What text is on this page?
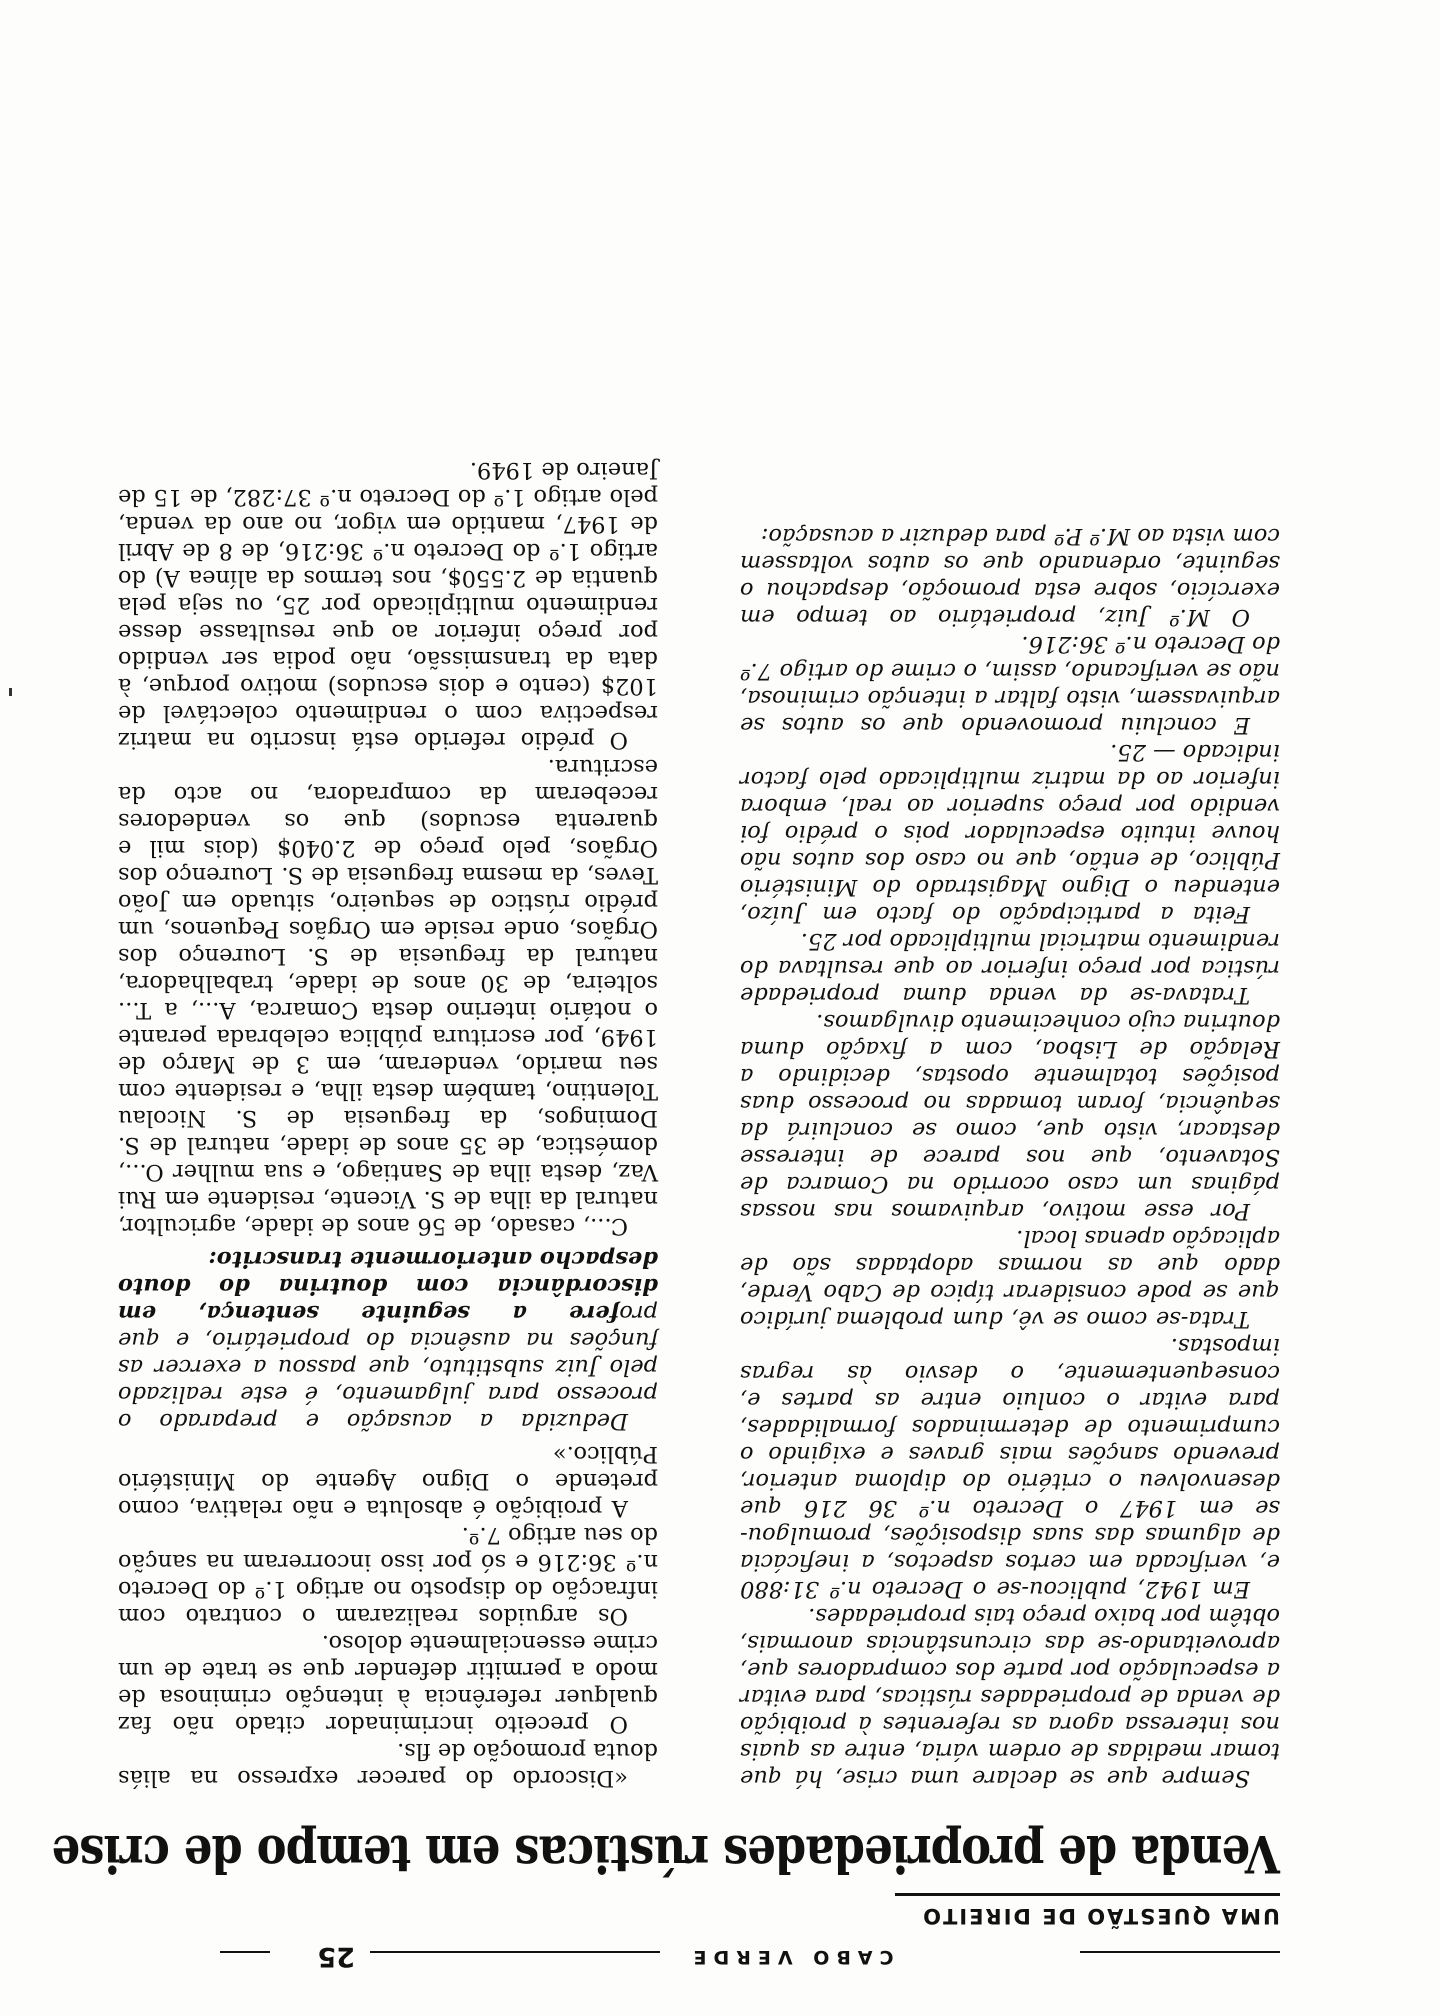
CABO VERDE
25
UMA QUESTÃO DE DIREITO
Venda de propriedades rústicas em tempo de crise

Sempre que se declare uma crise, há que tomar medidas de ordem vária, entre as quais nos interessa agora as referentes à proibição de venda de propriedades rústicas, para evitar a especulação por parte dos compradores que, aproveitando-se das circunstâncias anormais, obtêm por baixo preço tais propriedades.

Em 1942, publicou-se o Decreto n.º 31:880 e, verificada em certos aspectos, a ineficácia de algumas das suas disposições, promulgou-se em 1947 o Decreto n.º 36 216 que desenvolveu o critério do diploma anterior, prevendo sanções mais graves e exigindo o cumprimento de determinados formalidades, para evitar o conluio entre as partes e, consequentemente, o desvio às regras impostas.

Trata-se como se vê, dum problema jurídico que se pode considerar típico de Cabo Verde, dado que as normas adoptadas são de aplicação apenas local.

Por esse motivo, arquivamos nas nossas páginas um caso ocorrido na Comarca de Sotavento, que nos parece de interesse destacar, visto que, como se concluirá da sequência, foram tomadas no processo duas posições totalmente opostas, decidindo a Relação de Lisboa, com a fixação duma doutrina cujo conhecimento divulgamos.

Tratava-se da venda duma propriedade rústica por preço inferior ao que resultava do rendimento matricial multiplicado por 25.

Feita a participação do facto em Juízo, entendeu o Digno Magistrado do Ministério Público, de então, que no caso dos autos não houve intuito especulador pois o prédio foi vendido por preço superior ao real, embora inferior ao da matriz multiplicado pelo factor indicado — 25.

E concluiu promovendo que os autos se arquivassem, visto faltar a intenção criminosa, não se verificando, assim, o crime do artigo 7.º do Decreto n.º 36:216.

O M.º Juiz, proprietário ao tempo em exercício, sobre esta promoção, despachou o seguinte, ordenando que os autos voltassem com vista ao M.º P.º para deduzir a acusação:

«Discordo do parecer expresso na aliás douta promoção de fls.

O preceito incriminador citado não faz qualquer referência à intenção criminosa de modo a permitir defender que se trate de um crime essencialmente doloso.

Os arguidos realizaram o contrato com infracção do disposto no artigo 1.º do Decreto n.º 36:216 e só por isso incorreram na sanção do seu artigo 7.º.

A proibição é absoluta e não relativa, como pretende o Digno Agente do Ministério Público.»

Deduzida a acusação e preparado o processo para julgamento, é este realizado pelo Juiz substituto, que passou a exercer as funções na ausência do proprietário, e que profere a seguinte sentença, em discordância com doutrina do douto despacho anteriormente transcrito:

C..., casado, de 56 anos de idade, agricultor, natural da ilha de S. Vicente, residente em Rui Vaz, desta ilha de Santiago, e sua mulher O..., doméstica, de 35 anos de idade, natural de S. Domingos, da freguesia de S. Nicolau Tolentino, também desta ilha, e residente com seu marido, venderam, em 3 de Março de 1949, por escritura pública celebrada perante o notário interino desta Comarca, A..., a T... solteira, de 30 anos de idade, trabalhadora, natural da freguesia de S. Lourenço dos Orgãos, onde reside em Orgãos Pequenos, um prédio rústico de sequeiro, situado em João Teves, da mesma freguesia de S. Lourenço dos Orgãos, pelo preço de 2.040$ (dois mil e quarenta escudos) que os vendedores receberam da compradora, no acto da escritura.

O prédio referido está inscrito na matriz respectiva com o rendimento colectável de 102$ (cento e dois escudos) motivo porque, à data da transmissão, não podia ser vendido por preço inferior ao que resultasse desse rendimento multiplicado por 25, ou seja pela quantia de 2.550$, nos termos da alínea A) do artigo 1.º do Decreto n.º 36:216, de 8 de Abril de 1947, mantido em vigor, no ano da venda, pelo artigo 1.º do Decreto n.º 37:282, de 15 de Janeiro de 1949.
